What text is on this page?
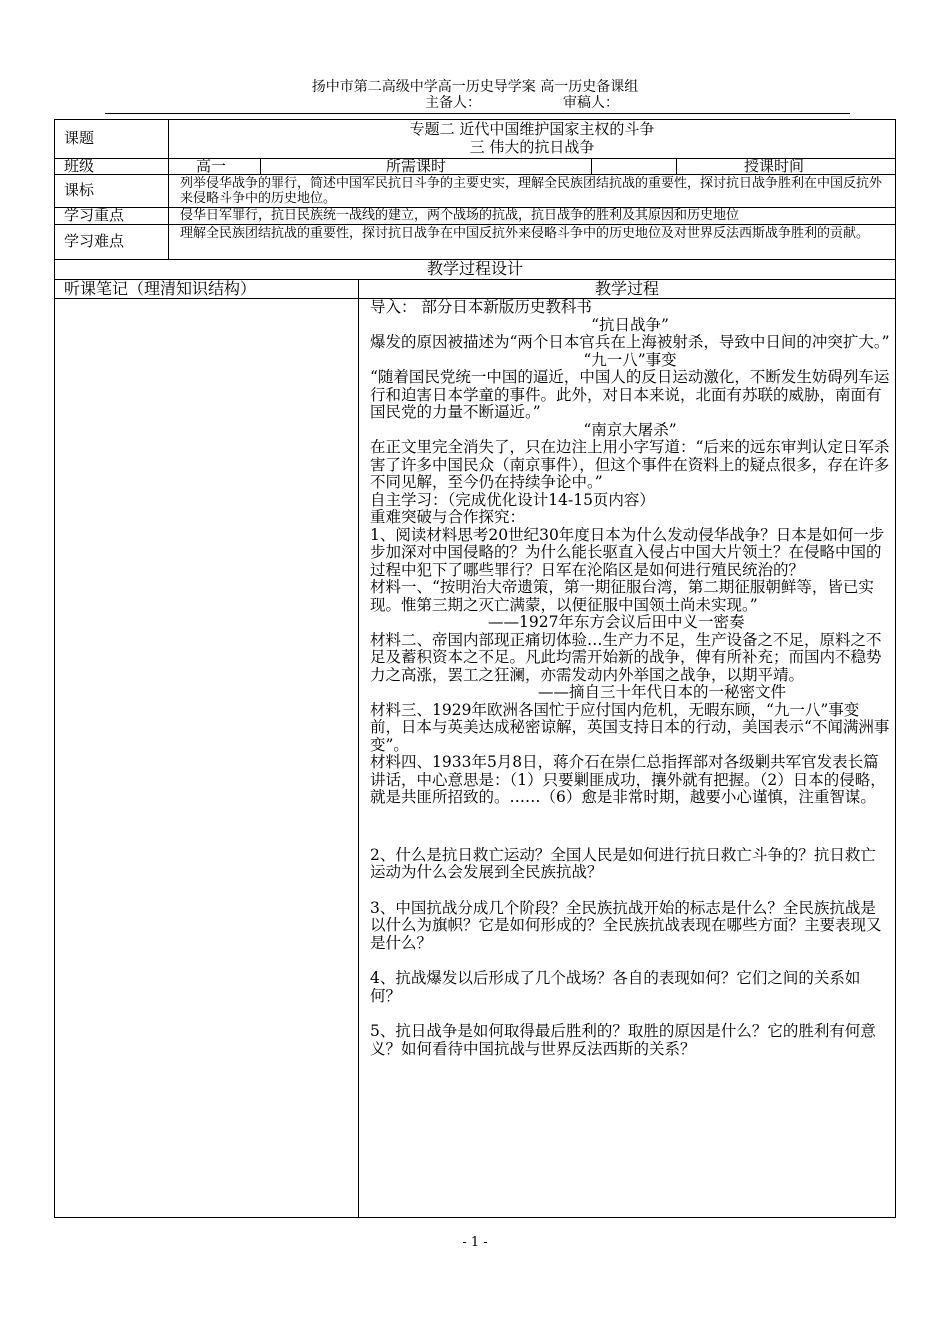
扬中市第二高级中学高一历史导学案 高一历史备课组
主备人：	审稿人：
课题	专题二 近代中国维护国家主权的斗争
三 伟大的抗日战争
班级	高一	所需课时	授课时间
课标	列举侵华战争的罪行，简述中国军民抗日斗争的主要史实，理解全民族团结抗战的重要性，探讨抗日战争胜利在中国反抗外来侵略斗争中的历史地位。
学习重点	侵华日军罪行，抗日民族统一战线的建立，两个战场的抗战，抗日战争的胜利及其原因和历史地位
学习难点	理解全民族团结抗战的重要性，探讨抗日战争在中国反抗外来侵略斗争中的历史地位及对世界反法西斯战争胜利的贡献。
教学过程设计
听课笔记（理清知识结构）	教学过程

导入： 部分日本新版历史教科书

“抗日战争”

爆发的原因被描述为“两个日本官兵在上海被射杀，导致中日间的冲突扩大。”

“九一八”事变

“随着国民党统一中国的逼近，中国人的反日运动激化，不断发生妨碍列车运行和迫害日本学童的事件。此外，对日本来说，北面有苏联的威胁，南面有国民党的力量不断逼近。”

“南京大屠杀”

在正文里完全消失了，只在边注上用小字写道：“后来的远东审判认定日军杀害了许多中国民众（南京事件），但这个事件在资料上的疑点很多，存在许多不同见解，至今仍在持续争论中。”

自主学习：（完成优化设计14-15页内容）

重难突破与合作探究：

1、阅读材料思考20世纪30年度日本为什么发动侵华战争？日本是如何一步步加深对中国侵略的？为什么能长驱直入侵占中国大片领土？在侵略中国的过程中犯下了哪些罪行？日军在沦陷区是如何进行殖民统治的？

材料一、“按明治大帝遗策，第一期征服台湾，第二期征服朝鲜等，皆已实现。惟第三期之灭亡满蒙，以便征服中国领土尚未实现。”

——1927年东方会议后田中义一密奏

材料二、帝国内部现正痛切体验…生产力不足，生产设备之不足，原料之不足及蓄积资本之不足。凡此均需开始新的战争，俾有所补充；而国内不稳势力之高涨，罢工之狂澜，亦需发动内外举国之战争，以期平靖。

——摘自三十年代日本的一秘密文件

材料三、1929年欧洲各国忙于应付国内危机，无暇东顾，“九一八”事变前，日本与英美达成秘密谅解，英国支持日本的行动，美国表示“不闻满洲事变”。

材料四、1933年5月8日，蒋介石在崇仁总指挥部对各级剿共军官发表长篇讲话，中心意思是：（1）只要剿匪成功，攘外就有把握。（2）日本的侵略，就是共匪所招致的。……（6）愈是非常时期，越要小心谨慎，注重智谋。

2、什么是抗日救亡运动？全国人民是如何进行抗日救亡斗争的？抗日救亡运动为什么会发展到全民族抗战？

3、中国抗战分成几个阶段？全民族抗战开始的标志是什么？全民族抗战是以什么为旗帜？它是如何形成的？全民族抗战表现在哪些方面？主要表现又是什么？

4、抗战爆发以后形成了几个战场？各自的表现如何？它们之间的关系如何？

5、抗日战争是如何取得最后胜利的？取胜的原因是什么？它的胜利有何意义？如何看待中国抗战与世界反法西斯的关系？

- 1 -
